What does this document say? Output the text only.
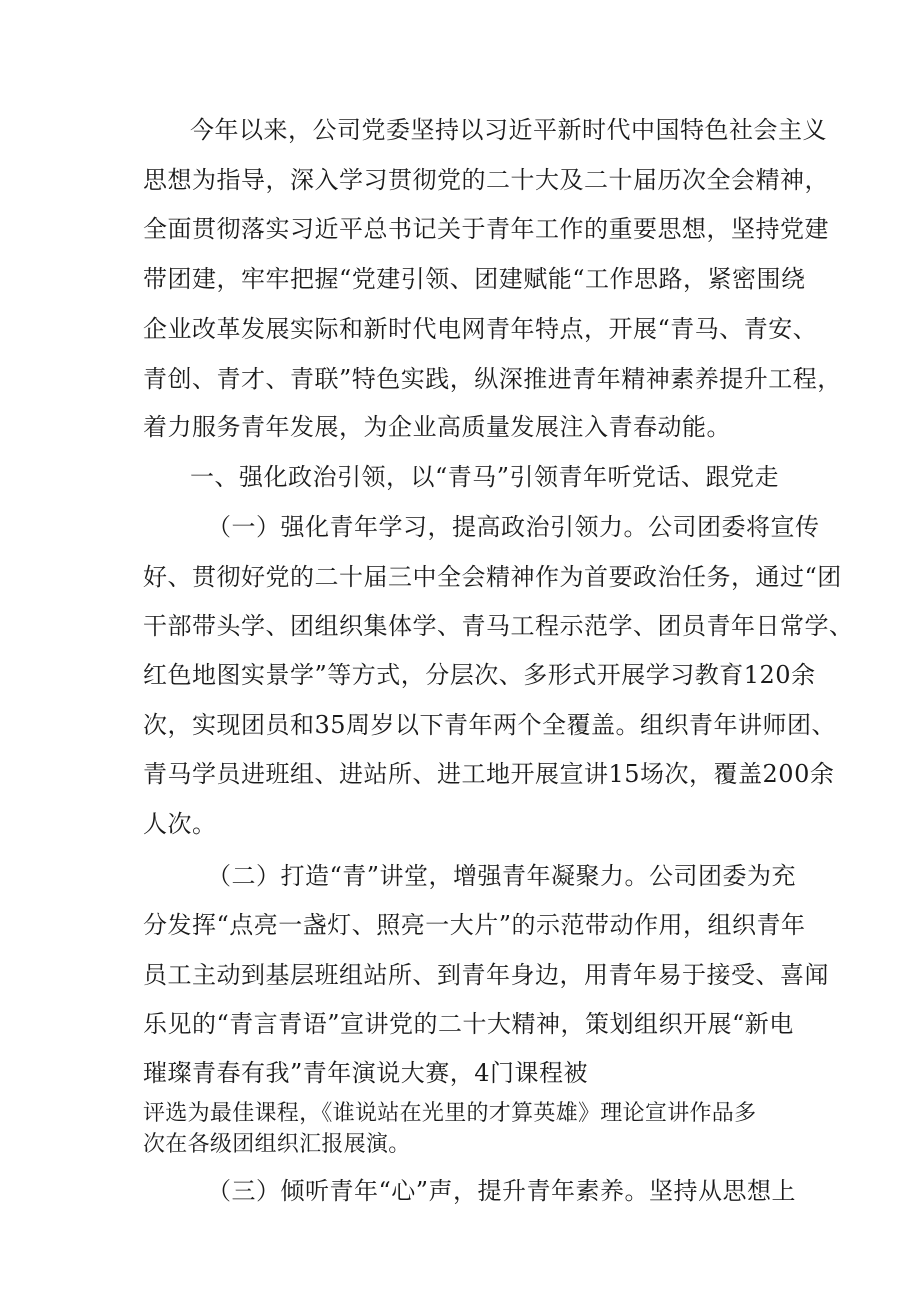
今年以来，公司党委坚持以习近平新时代中国特色社会主义
思想为指导，深入学习贯彻党的二十大及二十届历次全会精神，
全面贯彻落实习近平总书记关于青年工作的重要思想，坚持党建
带团建，牢牢把握“党建引领、团建赋能“工作思路，紧密围绕
企业改革发展实际和新时代电网青年特点，开展“青马、青安、
青创、青才、青联”特色实践，纵深推进青年精神素养提升工程，
着力服务青年发展，为企业高质量发展注入青春动能。
一、强化政治引领，以“青马”引领青年听党话、跟党走
（一）强化青年学习，提高政治引领力。公司团委将宣传
好、贯彻好党的二十届三中全会精神作为首要政治任务，通过“团
干部带头学、团组织集体学、青马工程示范学、团员青年日常学、
红色地图实景学”等方式，分层次、多形式开展学习教育120余
次，实现团员和35周岁以下青年两个全覆盖。组织青年讲师团、
青马学员进班组、进站所、进工地开展宣讲15场次，覆盖200余
人次。
（二）打造“青”讲堂，增强青年凝聚力。公司团委为充
分发挥“点亮一盏灯、照亮一大片”的示范带动作用，组织青年
员工主动到基层班组站所、到青年身边，用青年易于接受、喜闻
乐见的“青言青语”宣讲党的二十大精神，策划组织开展“新电
璀璨青春有我”青年演说大赛，4门课程被
评选为最佳课程，《谁说站在光里的才算英雄》理论宣讲作品多
次在各级团组织汇报展演。
（三）倾听青年“心”声，提升青年素养。坚持从思想上
